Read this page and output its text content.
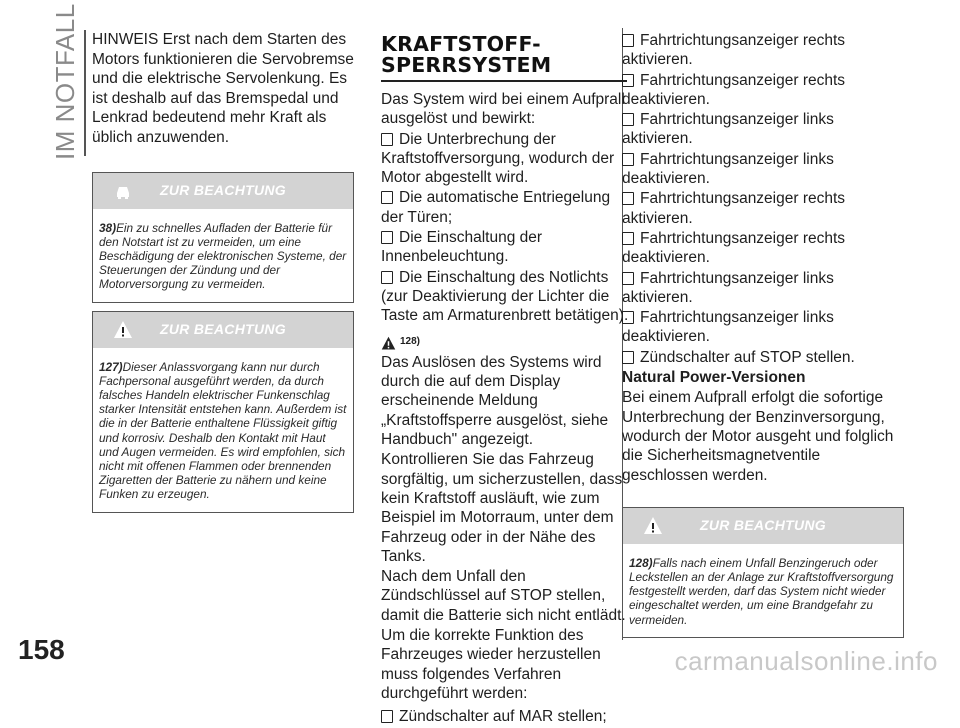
IM NOTFALL
158	carmanualsonline.info

HINWEIS Erst nach dem Starten des Motors funktionieren die Servobremse und die elektrische Servolenkung. Es ist deshalb auf das Bremspedal und Lenkrad bedeutend mehr Kraft als üblich anzuwenden.

ZUR BEACHTUNG
38)Ein zu schnelles Aufladen der Batterie für den Notstart ist zu vermeiden, um eine Beschädigung der elektronischen Systeme, der Steuerungen der Zündung und der Motorversorgung zu vermeiden.
ZUR BEACHTUNG
127)Dieser Anlassvorgang kann nur durch Fachpersonal ausgeführt werden, da durch falsches Handeln elektrischer Funkenschlag starker Intensität entstehen kann. Außerdem ist die in der Batterie enthaltene Flüssigkeit giftig und korrosiv. Deshalb den Kontakt mit Haut und Augen vermeiden. Es wird empfohlen, sich nicht mit offenen Flammen oder brennenden Zigaretten der Batterie zu nähern und keine Funken zu erzeugen.
KRAFTSTOFF-
SPERRSYSTEM

Das System wird bei einem Aufprall ausgelöst und bewirkt:

Die Unterbrechung der Kraftstoffversorgung, wodurch der Motor abgestellt wird.

Die automatische Entriegelung der Türen;

Die Einschaltung der Innenbeleuchtung.

Die Einschaltung des Notlichts (zur Deaktivierung der Lichter die Taste am Armaturenbrett betätigen).

128)

Das Auslösen des Systems wird durch die auf dem Display erscheinende Meldung „Kraftstoffsperre ausgelöst, siehe Handbuch" angezeigt.

Kontrollieren Sie das Fahrzeug sorgfältig, um sicherzustellen, dass kein Kraftstoff ausläuft, wie zum Beispiel im Motorraum, unter dem Fahrzeug oder in der Nähe des Tanks.

Nach dem Unfall den Zündschlüssel auf STOP stellen, damit die Batterie sich nicht entlädt.

Um die korrekte Funktion des Fahrzeuges wieder herzustellen muss folgendes Verfahren durchgeführt werden:

Zündschalter auf MAR stellen;

Fahrtrichtungsanzeiger rechts aktivieren.

Fahrtrichtungsanzeiger rechts deaktivieren.

Fahrtrichtungsanzeiger links aktivieren.

Fahrtrichtungsanzeiger links deaktivieren.

Fahrtrichtungsanzeiger rechts aktivieren.

Fahrtrichtungsanzeiger rechts deaktivieren.

Fahrtrichtungsanzeiger links aktivieren.

Fahrtrichtungsanzeiger links deaktivieren.

Zündschalter auf STOP stellen.

Natural Power-Versionen

Bei einem Aufprall erfolgt die sofortige Unterbrechung der Benzinversorgung, wodurch der Motor ausgeht und folglich die Sicherheitsmagnetventile geschlossen werden.

ZUR BEACHTUNG
128)Falls nach einem Unfall Benzingeruch oder Leckstellen an der Anlage zur Kraftstoffversorgung festgestellt werden, darf das System nicht wieder eingeschaltet werden, um eine Brandgefahr zu vermeiden.
